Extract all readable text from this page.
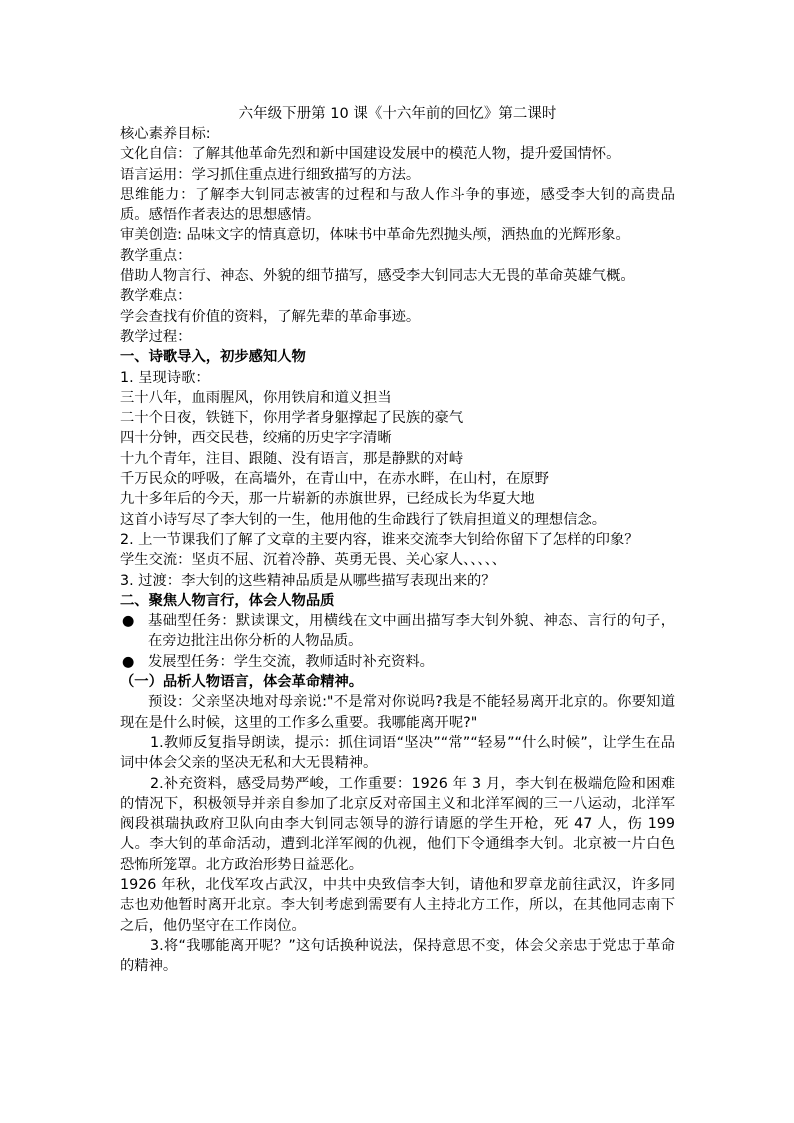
六年级下册第 10 课《十六年前的回忆》第二课时
核心素养目标:
文化自信：了解其他革命先烈和新中国建设发展中的模范人物，提升爱国情怀。
语言运用：学习抓住重点进行细致描写的方法。
思维能力：了解李大钊同志被害的过程和与敌人作斗争的事迹，感受李大钊的高贵品质。感悟作者表达的思想感情。
审美创造: 品味文字的情真意切，体味书中革命先烈抛头颅，洒热血的光辉形象。
教学重点：
借助人物言行、神态、外貌的细节描写，感受李大钊同志大无畏的革命英雄气概。
教学难点：
学会查找有价值的资料，了解先辈的革命事迹。
教学过程：
一、诗歌导入，初步感知人物
1. 呈现诗歌：
三十八年，血雨腥风，你用铁肩和道义担当
二十个日夜，铁链下，你用学者身躯撑起了民族的豪气
四十分钟，西交民巷，绞痛的历史字字清晰
十九个青年，注目、跟随、没有语言，那是静默的对峙
千万民众的呼吸，在高墙外，在青山中，在赤水畔，在山村，在原野
九十多年后的今天，那一片崭新的赤旗世界，已经成长为华夏大地
这首小诗写尽了李大钊的一生，他用他的生命践行了铁肩担道义的理想信念。
2. 上一节课我们了解了文章的主要内容，谁来交流李大钊给你留下了怎样的印象？
学生交流：坚贞不屈、沉着冷静、英勇无畏、关心家人、、、、、
3. 过渡：李大钊的这些精神品质是从哪些描写表现出来的？
二、聚焦人物言行，体会人物品质
● 基础型任务：默读课文，用横线在文中画出描写李大钊外貌、神态、言行的句子，在旁边批注出你分析的人物品质。
● 发展型任务：学生交流，教师适时补充资料。
（一）品析人物语言，体会革命精神。
预设：父亲坚决地对母亲说:"不是常对你说吗?我是不能轻易离开北京的。你要知道现在是什么时候，这里的工作多么重要。我哪能离开呢?"
1.教师反复指导朗读，提示：抓住词语“坚决”“常”“轻易”“什么时候”，让学生在品词中体会父亲的坚决无私和大无畏精神。
2.补充资料，感受局势严峻，工作重要：1926 年 3 月，李大钊在极端危险和困难的情况下，积极领导并亲自参加了北京反对帝国主义和北洋军阀的三一八运动，北洋军阀段祺瑞执政府卫队向由李大钊同志领导的游行请愿的学生开枪，死 47 人，伤 199 人。李大钊的革命活动，遭到北洋军阀的仇视，他们下令通缉李大钊。北京被一片白色恐怖所笼罩。北方政治形势日益恶化。
1926 年秋，北伐军攻占武汉，中共中央致信李大钊，请他和罗章龙前往武汉，许多同志也劝他暂时离开北京。李大钊考虑到需要有人主持北方工作，所以，在其他同志南下之后，他仍坚守在工作岗位。
3.将“我哪能离开呢？”这句话换种说法，保持意思不变，体会父亲忠于党忠于革命的精神。
